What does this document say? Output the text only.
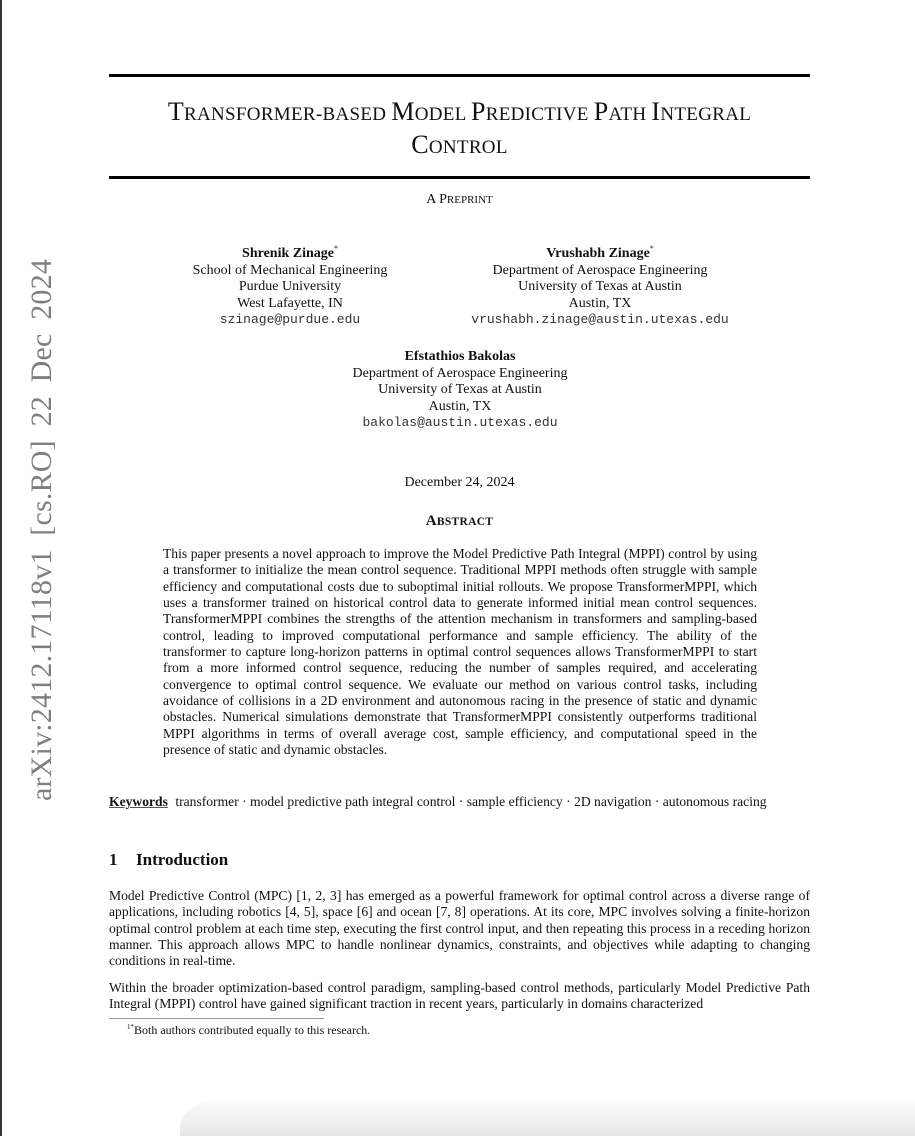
arXiv:2412.17118v1 [cs.RO] 22 Dec 2024
TRANSFORMER-BASED MODEL PREDICTIVE PATH INTEGRAL
CONTROL
A PREPRINT
Shrenik Zinage*
School of Mechanical Engineering
Purdue University
West Lafayette, IN
szinage@purdue.edu
Vrushabh Zinage*
Department of Aerospace Engineering
University of Texas at Austin
Austin, TX
vrushabh.zinage@austin.utexas.edu
Efstathios Bakolas
Department of Aerospace Engineering
University of Texas at Austin
Austin, TX
bakolas@austin.utexas.edu
December 24, 2024
ABSTRACT
This paper presents a novel approach to improve the Model Predictive Path Integral (MPPI) control by using a transformer to initialize the mean control sequence. Traditional MPPI methods often struggle with sample efficiency and computational costs due to suboptimal initial rollouts. We propose TransformerMPPI, which uses a transformer trained on historical control data to generate informed initial mean control sequences. TransformerMPPI combines the strengths of the attention mechanism in transformers and sampling-based control, leading to improved computational performance and sample efficiency. The ability of the transformer to capture long-horizon patterns in optimal control sequences allows TransformerMPPI to start from a more informed control sequence, reducing the number of samples required, and accelerating convergence to optimal control sequence. We evaluate our method on various control tasks, including avoidance of collisions in a 2D environment and autonomous racing in the presence of static and dynamic obstacles. Numerical simulations demonstrate that TransformerMPPI consistently outperforms traditional MPPI algorithms in terms of overall average cost, sample efficiency, and computational speed in the presence of static and dynamic obstacles.
Keywords transformer · model predictive path integral control · sample efficiency · 2D navigation · autonomous racing
1 Introduction
Model Predictive Control (MPC) [1, 2, 3] has emerged as a powerful framework for optimal control across a diverse range of applications, including robotics [4, 5], space [6] and ocean [7, 8] operations. At its core, MPC involves solving a finite-horizon optimal control problem at each time step, executing the first control input, and then repeating this process in a receding horizon manner. This approach allows MPC to handle nonlinear dynamics, constraints, and objectives while adapting to changing conditions in real-time.
Within the broader optimization-based control paradigm, sampling-based control methods, particularly Model Predictive Path Integral (MPPI) control have gained significant traction in recent years, particularly in domains characterized
$^{1*}$Both authors contributed equally to this research.
